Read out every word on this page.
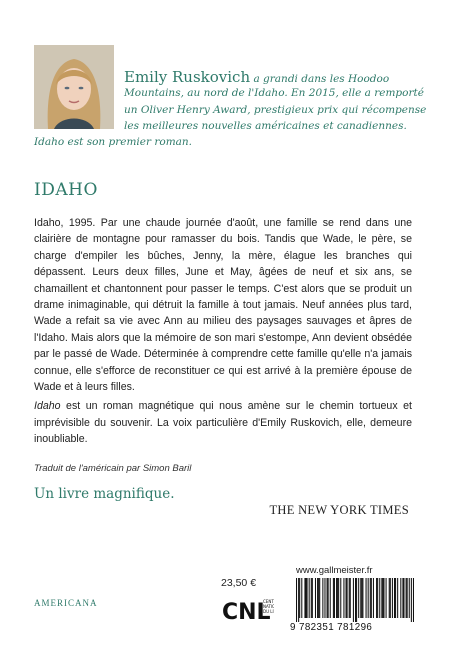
Emily Ruskovich a grandi dans les Hoodoo
Mountains, au nord de l'Idaho. En 2015, elle a remporté
un Oliver Henry Award, prestigieux prix qui récompense
les meilleures nouvelles américaines et canadiennes.
Idaho est son premier roman.
IDAHO

Idaho, 1995. Par une chaude journée d'août, une famille se rend dans une clairière de montagne pour ramasser du bois. Tandis que Wade, le père, se charge d'empiler les bûches, Jenny, la mère, élague les branches qui dépassent. Leurs deux filles, June et May, âgées de neuf et six ans, se chamaillent et chantonnent pour passer le temps. C'est alors que se produit un drame inimaginable, qui détruit la famille à tout jamais. Neuf années plus tard, Wade a refait sa vie avec Ann au milieu des paysages sauvages et âpres de l'Idaho. Mais alors que la mémoire de son mari s'estompe, Ann devient obsédée par le passé de Wade. Déterminée à comprendre cette famille qu'elle n'a jamais connue, elle s'efforce de reconstituer ce qui est arrivé à la première épouse de Wade et à leurs filles.

Idaho est un roman magnétique qui nous amène sur le chemin tortueux et imprévisible du souvenir. La voix particulière d'Emily Ruskovich, elle, demeure inoubliable.

Traduit de l'américain par Simon Baril
Un livre magnifique.
THE NEW YORK TIMES
AMERICANA
23,50 €
CNL
CENT
NATI
DU LI
www.gallmeister.fr
9 782351 781296
